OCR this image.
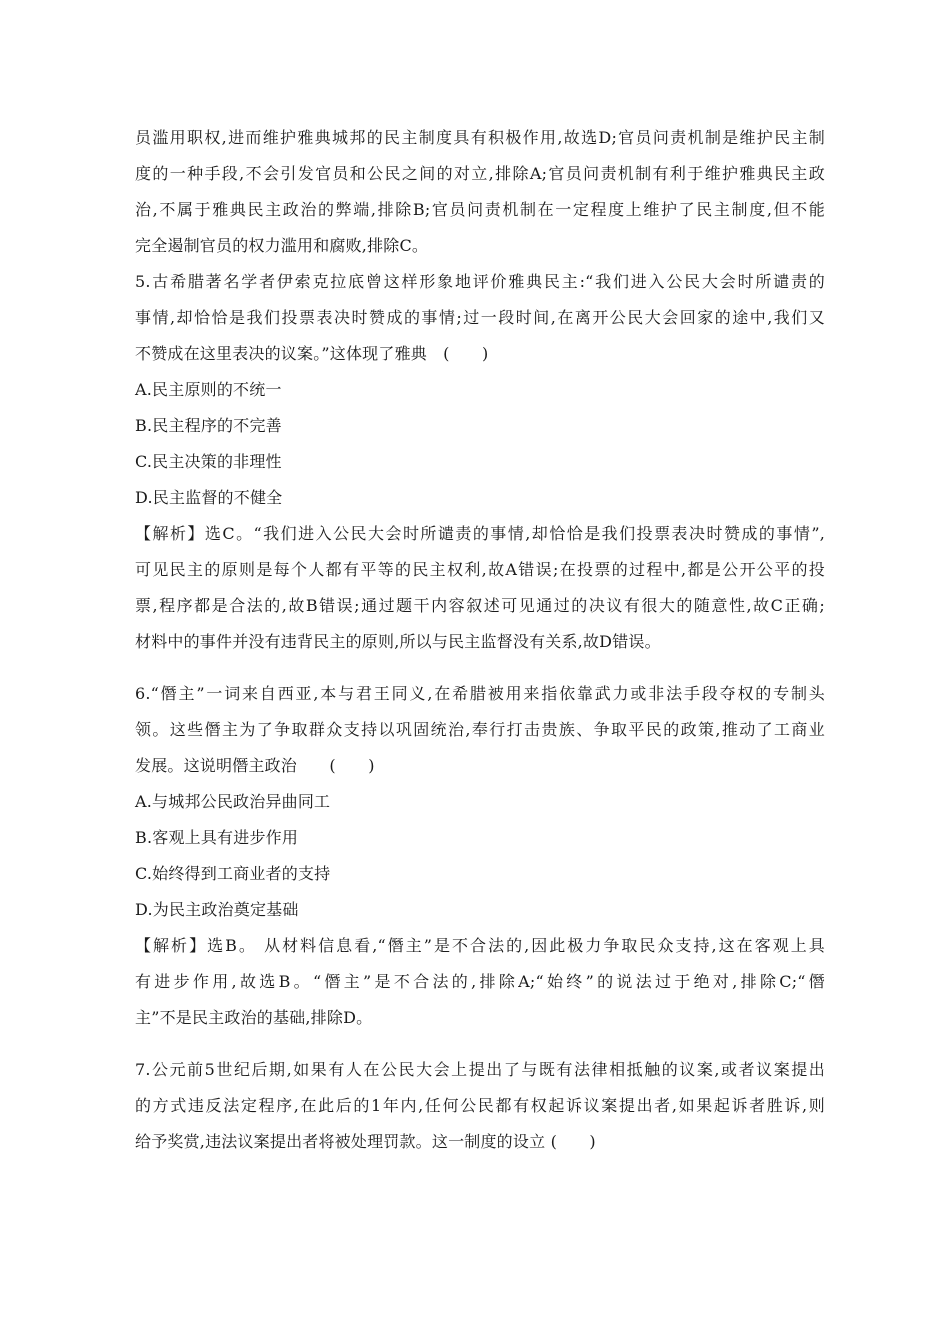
员滥用职权,进而维护雅典城邦的民主制度具有积极作用,故选D;官员问责机制是维护民主制
度的一种手段,不会引发官员和公民之间的对立,排除A;官员问责机制有利于维护雅典民主政
治,不属于雅典民主政治的弊端,排除B;官员问责机制在一定程度上维护了民主制度,但不能
完全遏制官员的权力滥用和腐败,排除C。
5.古希腊著名学者伊索克拉底曾这样形象地评价雅典民主:“我们进入公民大会时所谴责的
事情,却恰恰是我们投票表决时赞成的事情;过一段时间,在离开公民大会回家的途中,我们又
不赞成在这里表决的议案。”这体现了雅典　(　　)
A.民主原则的不统一
B.民主程序的不完善
C.民主决策的非理性
D.民主监督的不健全
【解析】选C。“我们进入公民大会时所谴责的事情,却恰恰是我们投票表决时赞成的事情”,
可见民主的原则是每个人都有平等的民主权利,故A错误;在投票的过程中,都是公开公平的投
票,程序都是合法的,故B错误;通过题干内容叙述可见通过的决议有很大的随意性,故C正确;
材料中的事件并没有违背民主的原则,所以与民主监督没有关系,故D错误。
6.“僭主”一词来自西亚,本与君王同义,在希腊被用来指依靠武力或非法手段夺权的专制头
领。这些僭主为了争取群众支持以巩固统治,奉行打击贵族、争取平民的政策,推动了工商业
发展。这说明僭主政治　　(　　)
A.与城邦公民政治异曲同工
B.客观上具有进步作用
C.始终得到工商业者的支持
D.为民主政治奠定基础
【解析】选B。 从材料信息看,“僭主”是不合法的,因此极力争取民众支持,这在客观上具
有进步作用,故选B。“僭主”是不合法的,排除A;“始终”的说法过于绝对,排除C;“僭
主”不是民主政治的基础,排除D。
7.公元前5世纪后期,如果有人在公民大会上提出了与既有法律相抵触的议案,或者议案提出
的方式违反法定程序,在此后的1年内,任何公民都有权起诉议案提出者,如果起诉者胜诉,则
给予奖赏,违法议案提出者将被处理罚款。这一制度的设立 (　　)
